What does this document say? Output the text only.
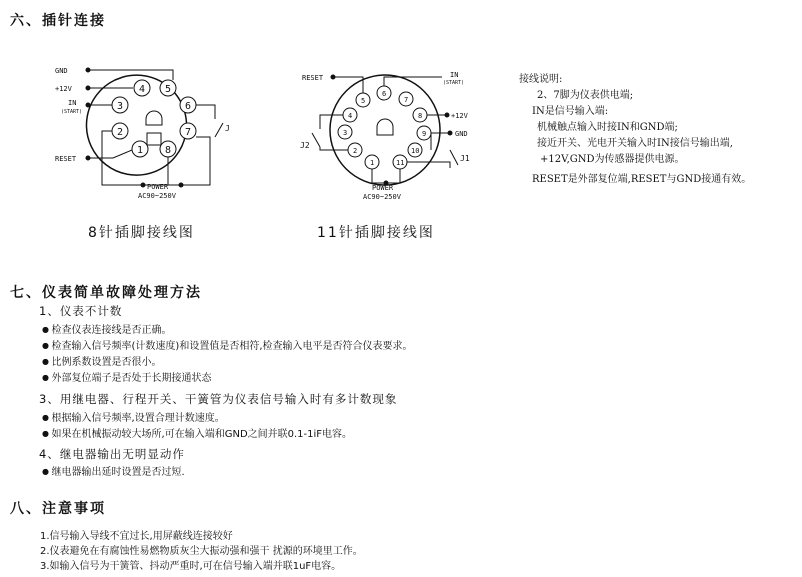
六、插针连接
3
4 5
6
2	7
1 8
GND
+12V
IN
(START)
RESET
J
POWER
AC90~250V
5
6
7
4	8
3	9
2	10
1	11
RESET	IN
(START)
+12V
GND
J2
J1
POWER
AC90~250V
8针插脚接线图	11针插脚接线图
接线说明:
2、7脚为仪表供电端;
IN是信号输入端:
机械触点输入时接IN和GND端;
接近开关、光电开关输入时IN接信号输出端,
+12V,GND为传感器提供电源。
RESET是外部复位端,RESET与GND接通有效。
七、仪表简单故障处理方法
1、仪表不计数
● 检查仪表连接线是否正确。
● 检查输入信号频率(计数速度)和设置值是否相符,检查输入电平是否符合仪表要求。
● 比例系数设置是否很小。
● 外部复位端子是否处于长期接通状态
3、用继电器、行程开关、干簧管为仪表信号输入时有多计数现象
● 根据输入信号频率,设置合理计数速度。
● 如果在机械振动较大场所,可在输入端和GND之间并联0.1-1iF电容。
4、继电器输出无明显动作
● 继电器输出延时设置是否过短.
八、注意事项
1.信号输入导线不宜过长,用屏蔽线连接较好
2.仪表避免在有腐蚀性易燃物质灰尘大振动强和强干 扰源的环境里工作。
3.如输入信号为干簧管、抖动严重时,可在信号输入端并联1uF电容。
